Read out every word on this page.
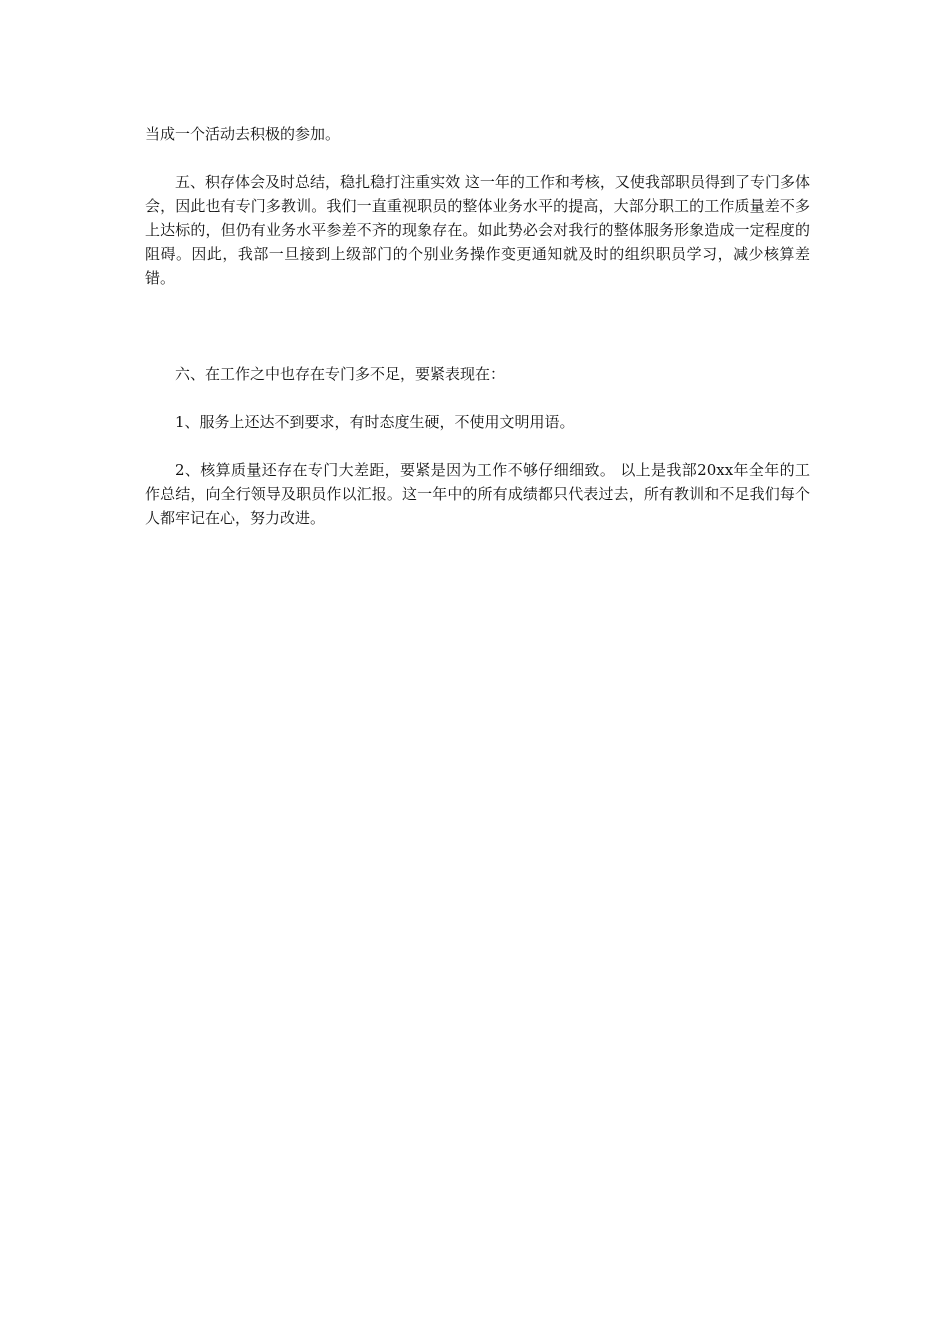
当成一个活动去积极的参加。

五、积存体会及时总结，稳扎稳打注重实效 这一年的工作和考核，又使我部职员得到了专门多体会，因此也有专门多教训。我们一直重视职员的整体业务水平的提高，大部分职工的工作质量差不多上达标的，但仍有业务水平参差不齐的现象存在。如此势必会对我行的整体服务形象造成一定程度的阻碍。因此，我部一旦接到上级部门的个别业务操作变更通知就及时的组织职员学习，减少核算差错。

六、在工作之中也存在专门多不足，要紧表现在：

1、服务上还达不到要求，有时态度生硬，不使用文明用语。

2、核算质量还存在专门大差距，要紧是因为工作不够仔细细致。 以上是我部20xx年全年的工作总结，向全行领导及职员作以汇报。这一年中的所有成绩都只代表过去，所有教训和不足我们每个人都牢记在心，努力改进。
